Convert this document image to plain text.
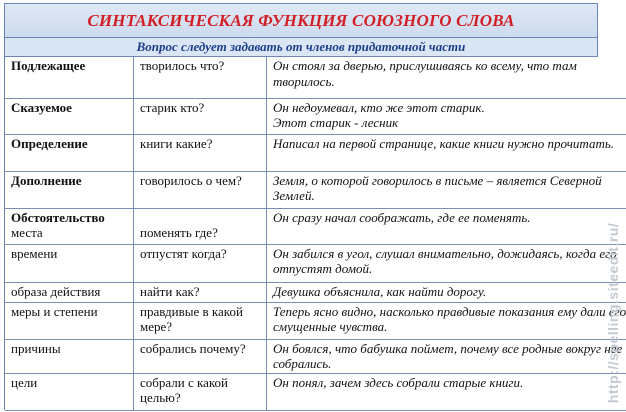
СИНТАКСИЧЕСКАЯ ФУНКЦИЯ СОЮЗНОГО СЛОВА
Вопрос следует задавать от членов придаточной части
Подлежащее	творилось что?	Он стоял за дверью, прислушиваясь ко всему, что там творилось.
Сказуемое	старик кто?	Он недоумевал, кто же этот старик.
Этот старик - лесник

Определение	книги какие?	Написал на первой странице, какие книги нужно прочитать.
Дополнение	говорилось о чем?	Земля, о которой говорилось в письме – является Северной Землей.

Обстоятельство
места	поменять где?	Он сразу начал соображать, где ее поменять.
времени	отпустят когда?	Он забился в угол, слушал внимательно, дожидаясь, когда его отпустят домой.
образа действия	найти как?	Девушка объяснила, как найти дорогу.
меры и степени	правдивые в какой мере?	Теперь ясно видно, насколько правдивые показания ему дали его смущенные чувства.
причины	собрались почему?	Он боялся, что бабушка поймет, почему все родные вокруг нее собрались.
цели	собрали с какой целью?	Он понял, зачем здесь собрали старые книги.	http://spelling.siteedit.ru/
